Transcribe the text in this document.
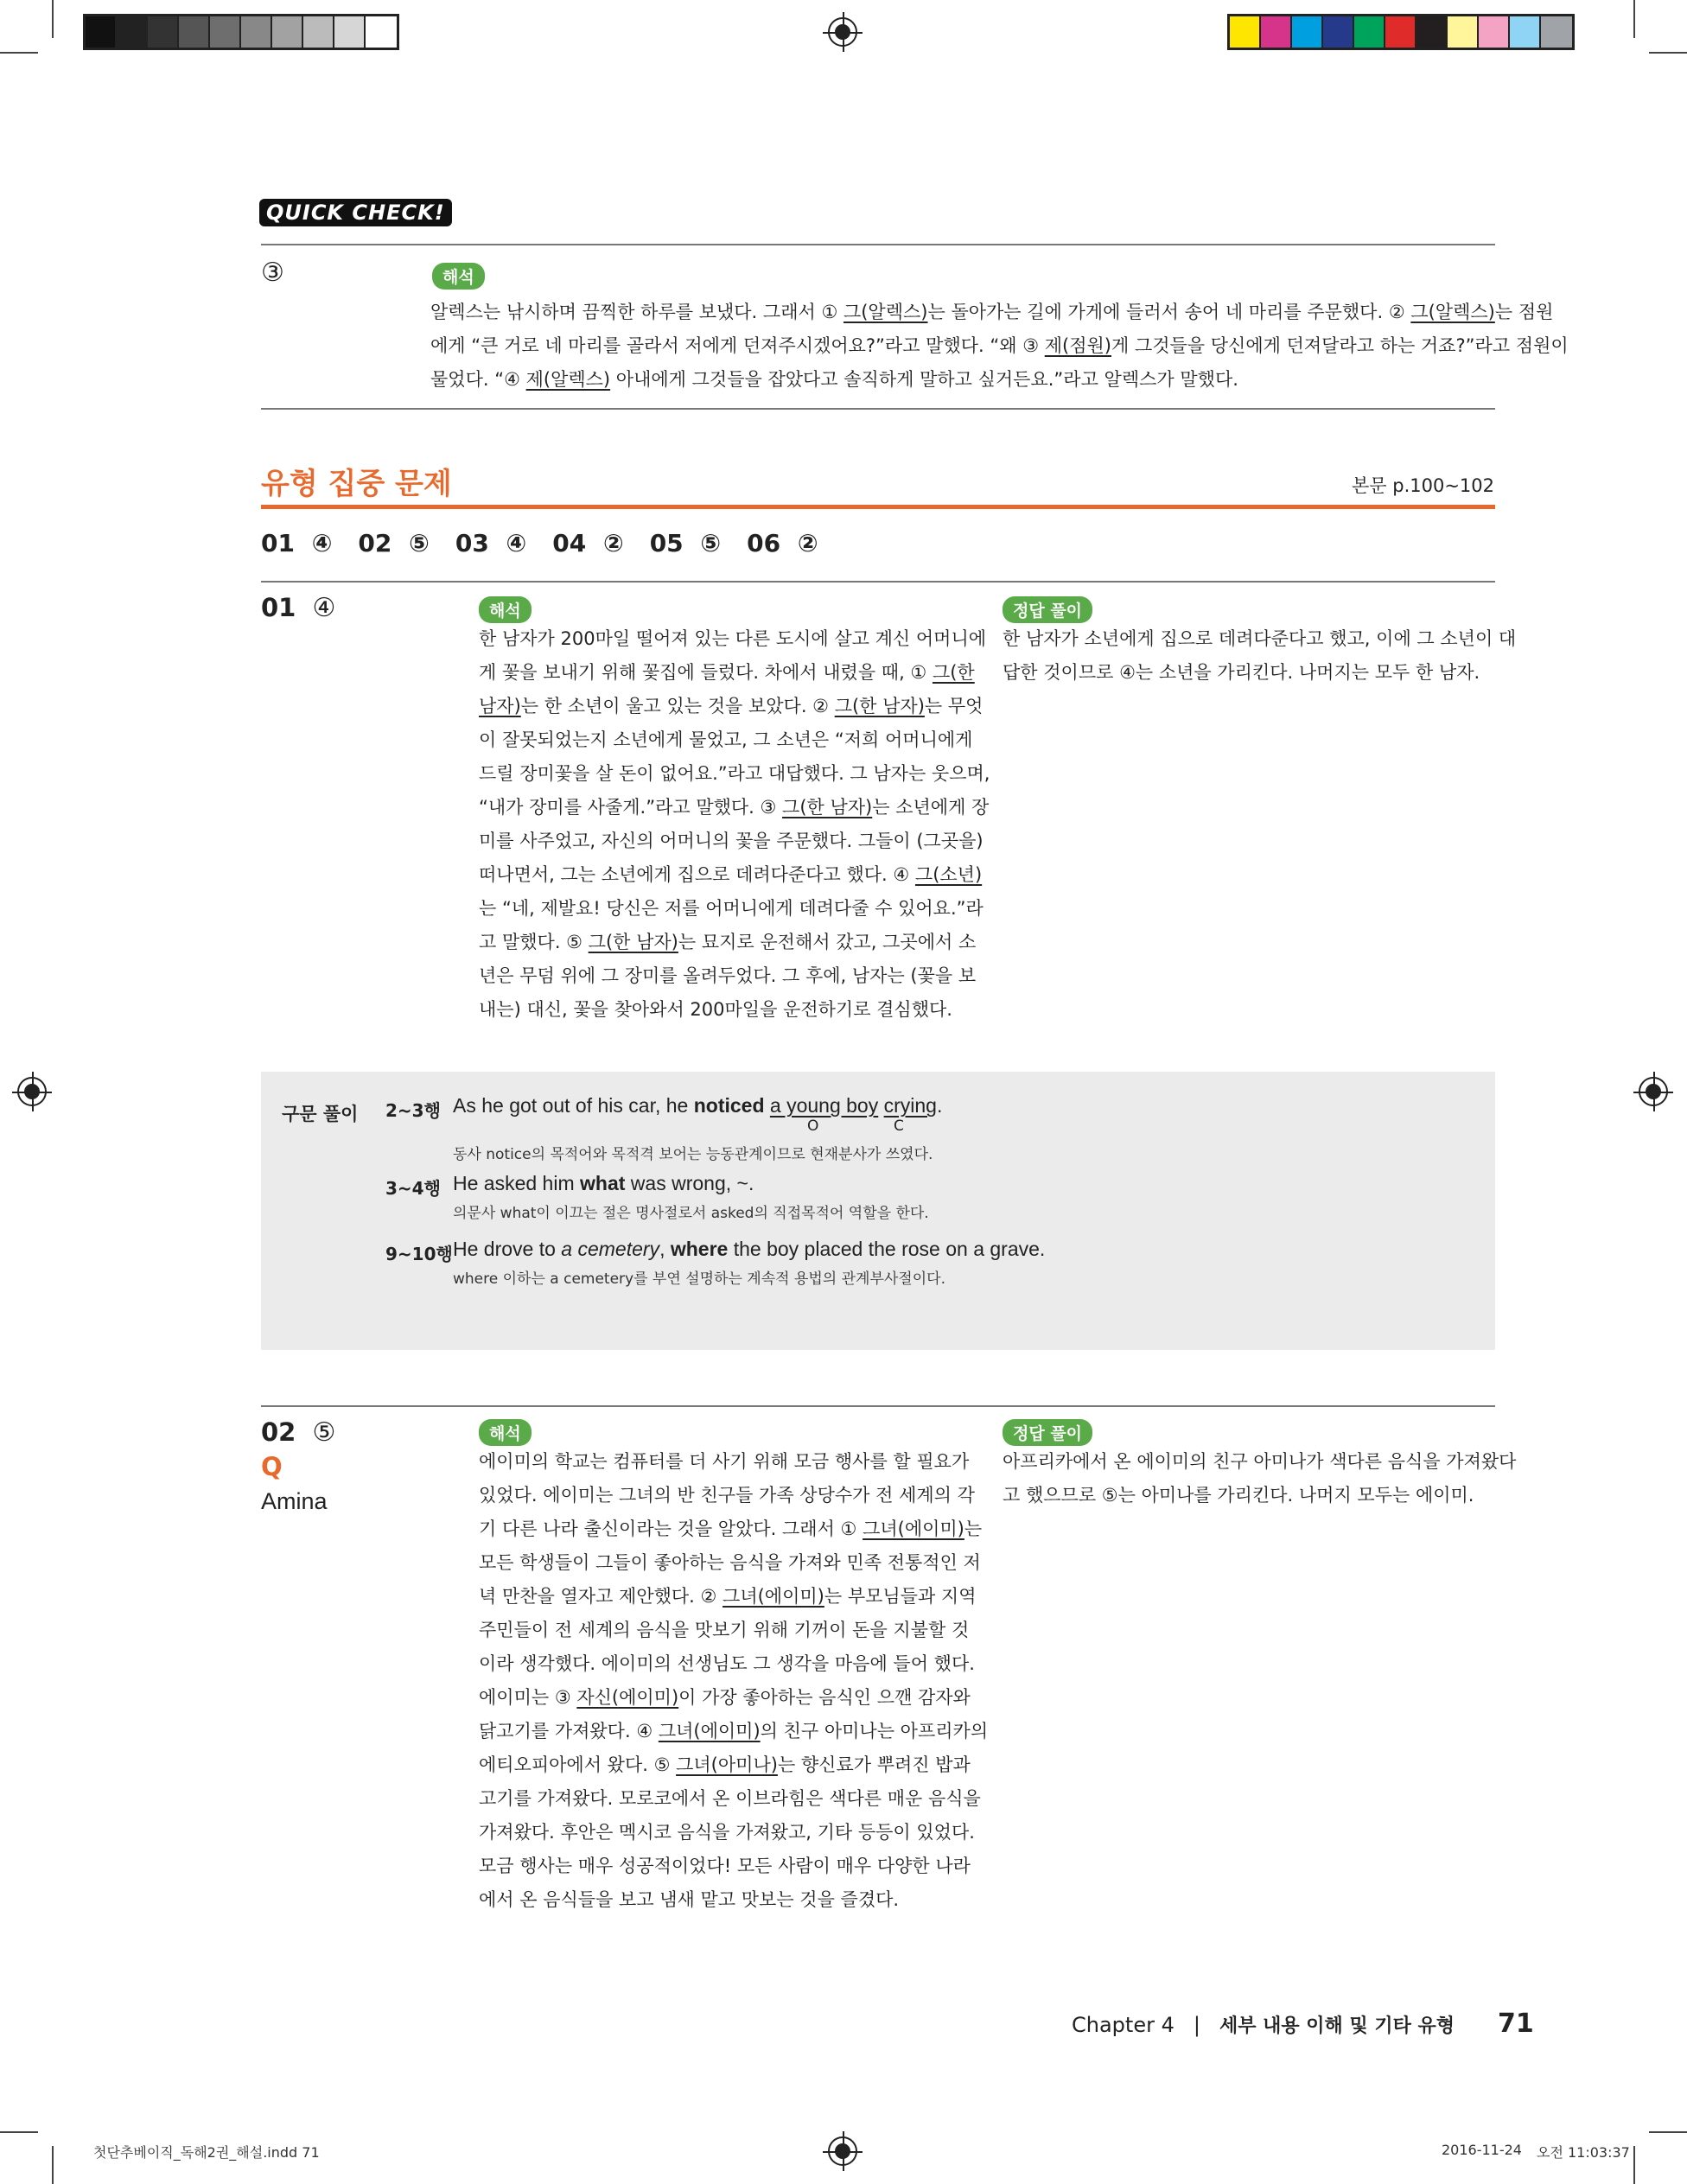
QUICK CHECK!
③	해석
알렉스는 낚시하며 끔찍한 하루를 보냈다. 그래서 ① 그(알렉스)는 돌아가는 길에 가게에 들러서 송어 네 마리를 주문했다. ② 그(알렉스)는 점원
에게 “큰 거로 네 마리를 골라서 저에게 던져주시겠어요?”라고 말했다. “왜 ③ 제(점원)게 그것들을 당신에게 던져달라고 하는 거죠?”라고 점원이
물었다. “④ 제(알렉스) 아내에게 그것들을 잡았다고 솔직하게 말하고 싶거든요.”라고 알렉스가 말했다.
유형 집중 문제	본문 p.100~102
01 ④ 02 ⑤ 03 ④ 04 ② 05 ⑤ 06 ②
01 ④	해석
한 남자가 200마일 떨어져 있는 다른 도시에 살고 계신 어머니에
게 꽃을 보내기 위해 꽃집에 들렀다. 차에서 내렸을 때, ① 그(한
남자)는 한 소년이 울고 있는 것을 보았다. ② 그(한 남자)는 무엇
이 잘못되었는지 소년에게 물었고, 그 소년은 “저희 어머니에게
드릴 장미꽃을 살 돈이 없어요.”라고 대답했다. 그 남자는 웃으며,
“내가 장미를 사줄게.”라고 말했다. ③ 그(한 남자)는 소년에게 장
미를 사주었고, 자신의 어머니의 꽃을 주문했다. 그들이 (그곳을)
떠나면서, 그는 소년에게 집으로 데려다준다고 했다. ④ 그(소년)
는 “네, 제발요! 당신은 저를 어머니에게 데려다줄 수 있어요.”라
고 말했다. ⑤ 그(한 남자)는 묘지로 운전해서 갔고, 그곳에서 소
년은 무덤 위에 그 장미를 올려두었다. 그 후에, 남자는 (꽃을 보
내는) 대신, 꽃을 찾아와서 200마일을 운전하기로 결심했다.
정답 풀이
한 남자가 소년에게 집으로 데려다준다고 했고, 이에 그 소년이 대
답한 것이므로 ④는 소년을 가리킨다. 나머지는 모두 한 남자.
구문 풀이 2~3행 As he got out of his car, he noticed a young boy crying.
O	C
동사 notice의 목적어와 목적격 보어는 능동관계이므로 현재분사가 쓰였다.
3~4행 He asked him what was wrong, ~.
의문사 what이 이끄는 절은 명사절로서 asked의 직접목적어 역할을 한다.
9~10행 He drove to a cemetery, where the boy placed the rose on a grave.
where 이하는 a cemetery를 부연 설명하는 계속적 용법의 관계부사절이다.
02 ⑤
Q
Amina
해석
에이미의 학교는 컴퓨터를 더 사기 위해 모금 행사를 할 필요가
있었다. 에이미는 그녀의 반 친구들 가족 상당수가 전 세계의 각
기 다른 나라 출신이라는 것을 알았다. 그래서 ① 그녀(에이미)는
모든 학생들이 그들이 좋아하는 음식을 가져와 민족 전통적인 저
녁 만찬을 열자고 제안했다. ② 그녀(에이미)는 부모님들과 지역
주민들이 전 세계의 음식을 맛보기 위해 기꺼이 돈을 지불할 것
이라 생각했다. 에이미의 선생님도 그 생각을 마음에 들어 했다.
에이미는 ③ 자신(에이미)이 가장 좋아하는 음식인 으깬 감자와
닭고기를 가져왔다. ④ 그녀(에이미)의 친구 아미나는 아프리카의
에티오피아에서 왔다. ⑤ 그녀(아미나)는 향신료가 뿌려진 밥과
고기를 가져왔다. 모로코에서 온 이브라힘은 색다른 매운 음식을
가져왔다. 후안은 멕시코 음식을 가져왔고, 기타 등등이 있었다.
모금 행사는 매우 성공적이었다! 모든 사람이 매우 다양한 나라
에서 온 음식들을 보고 냄새 맡고 맛보는 것을 즐겼다.
정답 풀이
아프리카에서 온 에이미의 친구 아미나가 색다른 음식을 가져왔다
고 했으므로 ⑤는 아미나를 가리킨다. 나머지 모두는 에이미.
Chapter 4 | 세부 내용 이해 및 기타 유형 71
첫단추베이직_독해2권_해설.indd 71	2016-11-24 오전 11:03:37
